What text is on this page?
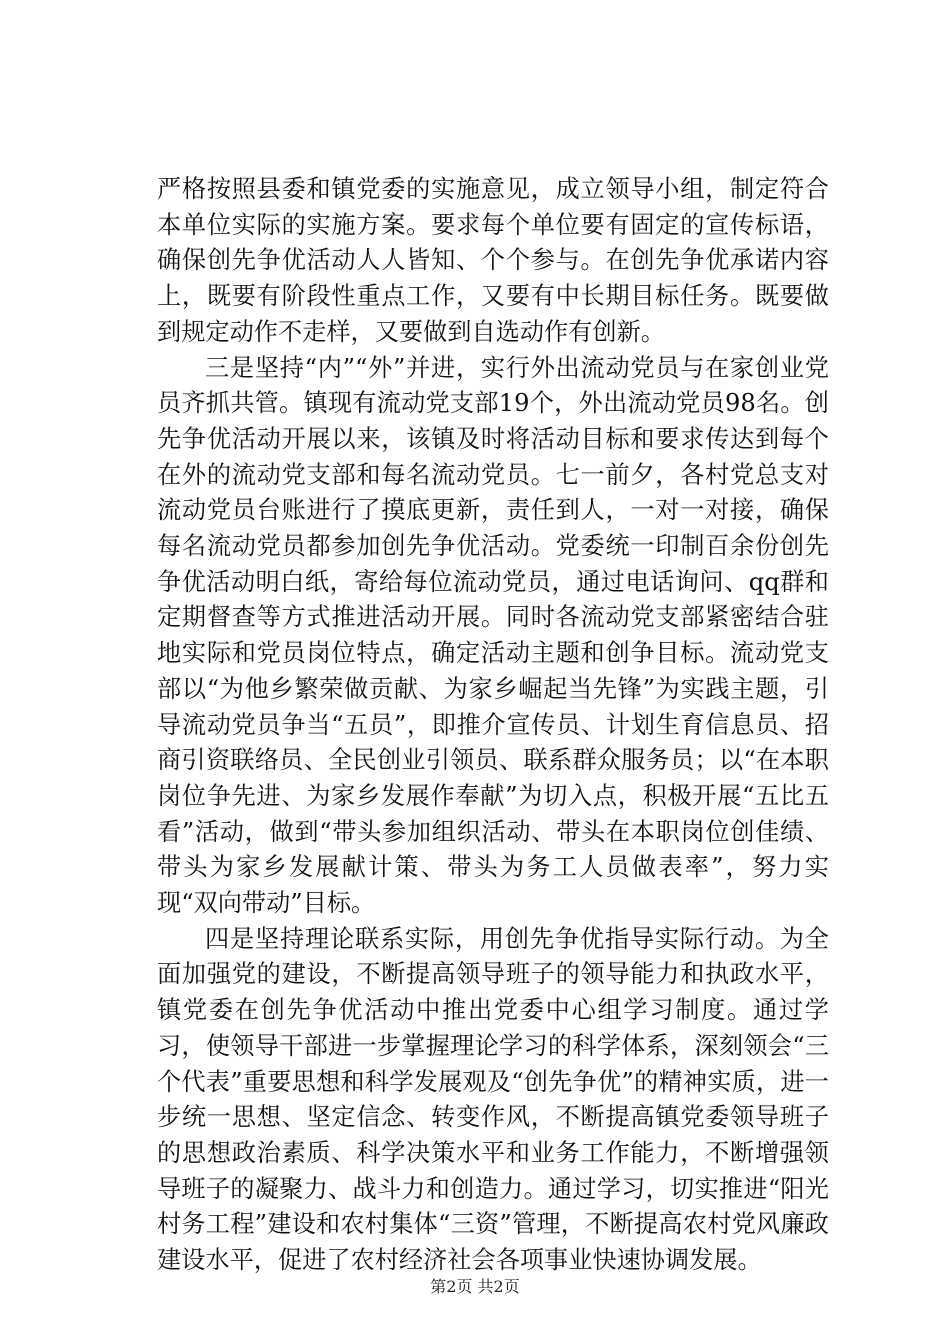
严格按照县委和镇党委的实施意见，成立领导小组，制定符合本单位实际的实施方案。要求每个单位要有固定的宣传标语，确保创先争优活动人人皆知、个个参与。在创先争优承诺内容上，既要有阶段性重点工作，又要有中长期目标任务。既要做到规定动作不走样，又要做到自选动作有创新。

三是坚持“内”“外”并进，实行外出流动党员与在家创业党员齐抓共管。镇现有流动党支部19个，外出流动党员98名。创先争优活动开展以来，该镇及时将活动目标和要求传达到每个在外的流动党支部和每名流动党员。七一前夕，各村党总支对流动党员台账进行了摸底更新，责任到人，一对一对接，确保每名流动党员都参加创先争优活动。党委统一印制百余份创先争优活动明白纸，寄给每位流动党员，通过电话询问、qq群和定期督查等方式推进活动开展。同时各流动党支部紧密结合驻地实际和党员岗位特点，确定活动主题和创争目标。流动党支部以“为他乡繁荣做贡献、为家乡崛起当先锋”为实践主题，引导流动党员争当“五员”，即推介宣传员、计划生育信息员、招商引资联络员、全民创业引领员、联系群众服务员；以“在本职岗位争先进、为家乡发展作奉献”为切入点，积极开展“五比五看”活动，做到“带头参加组织活动、带头在本职岗位创佳绩、带头为家乡发展献计策、带头为务工人员做表率”，努力实现“双向带动”目标。

四是坚持理论联系实际，用创先争优指导实际行动。为全面加强党的建设，不断提高领导班子的领导能力和执政水平，镇党委在创先争优活动中推出党委中心组学习制度。通过学习，使领导干部进一步掌握理论学习的科学体系，深刻领会“三个代表”重要思想和科学发展观及“创先争优”的精神实质，进一步统一思想、坚定信念、转变作风，不断提高镇党委领导班子的思想政治素质、科学决策水平和业务工作能力，不断增强领导班子的凝聚力、战斗力和创造力。通过学习，切实推进“阳光村务工程”建设和农村集体“三资”管理，不断提高农村党风廉政建设水平，促进了农村经济社会各项事业快速协调发展。

第2页 共2页
